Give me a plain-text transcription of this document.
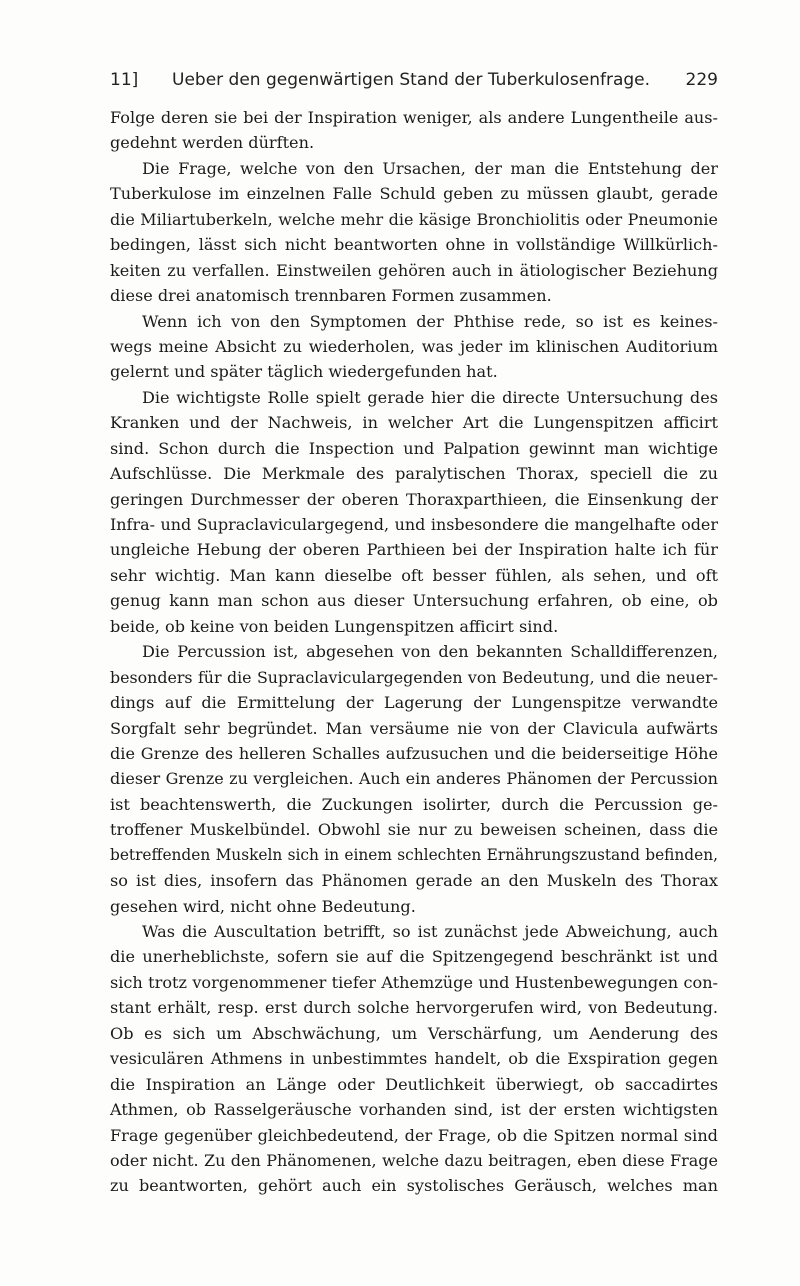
11] Ueber den gegenwärtigen Stand der Tuberkulosenfrage. 229
Folge deren sie bei der Inspiration weniger, als andere Lungentheile aus-
gedehnt werden dürften.
Die Frage, welche von den Ursachen, der man die Entstehung der
Tuberkulose im einzelnen Falle Schuld geben zu müssen glaubt, gerade
die Miliartuberkeln, welche mehr die käsige Bronchiolitis oder Pneumonie
bedingen, lässt sich nicht beantworten ohne in vollständige Willkürlich-
keiten zu verfallen. Einstweilen gehören auch in ätiologischer Beziehung
diese drei anatomisch trennbaren Formen zusammen.
Wenn ich von den Symptomen der Phthise rede, so ist es keines-
wegs meine Absicht zu wiederholen, was jeder im klinischen Auditorium
gelernt und später täglich wiedergefunden hat.
Die wichtigste Rolle spielt gerade hier die directe Untersuchung des
Kranken und der Nachweis, in welcher Art die Lungenspitzen afficirt
sind. Schon durch die Inspection und Palpation gewinnt man wichtige
Aufschlüsse. Die Merkmale des paralytischen Thorax, speciell die zu
geringen Durchmesser der oberen Thoraxparthieen, die Einsenkung der
Infra- und Supraclaviculargegend, und insbesondere die mangelhafte oder
ungleiche Hebung der oberen Parthieen bei der Inspiration halte ich für
sehr wichtig. Man kann dieselbe oft besser fühlen, als sehen, und oft
genug kann man schon aus dieser Untersuchung erfahren, ob eine, ob
beide, ob keine von beiden Lungenspitzen afficirt sind.
Die Percussion ist, abgesehen von den bekannten Schalldifferenzen,
besonders für die Supraclaviculargegenden von Bedeutung, und die neuer-
dings auf die Ermittelung der Lagerung der Lungenspitze verwandte
Sorgfalt sehr begründet. Man versäume nie von der Clavicula aufwärts
die Grenze des helleren Schalles aufzusuchen und die beiderseitige Höhe
dieser Grenze zu vergleichen. Auch ein anderes Phänomen der Percussion
ist beachtenswerth, die Zuckungen isolirter, durch die Percussion ge-
troffener Muskelbündel. Obwohl sie nur zu beweisen scheinen, dass die
betreffenden Muskeln sich in einem schlechten Ernährungszustand befinden,
so ist dies, insofern das Phänomen gerade an den Muskeln des Thorax
gesehen wird, nicht ohne Bedeutung.
Was die Auscultation betrifft, so ist zunächst jede Abweichung, auch
die unerheblichste, sofern sie auf die Spitzengegend beschränkt ist und
sich trotz vorgenommener tiefer Athemzüge und Hustenbewegungen con-
stant erhält, resp. erst durch solche hervorgerufen wird, von Bedeutung.
Ob es sich um Abschwächung, um Verschärfung, um Aenderung des
vesiculären Athmens in unbestimmtes handelt, ob die Exspiration gegen
die Inspiration an Länge oder Deutlichkeit überwiegt, ob saccadirtes
Athmen, ob Rasselgeräusche vorhanden sind, ist der ersten wichtigsten
Frage gegenüber gleichbedeutend, der Frage, ob die Spitzen normal sind
oder nicht. Zu den Phänomenen, welche dazu beitragen, eben diese Frage
zu beantworten, gehört auch ein systolisches Geräusch, welches man
